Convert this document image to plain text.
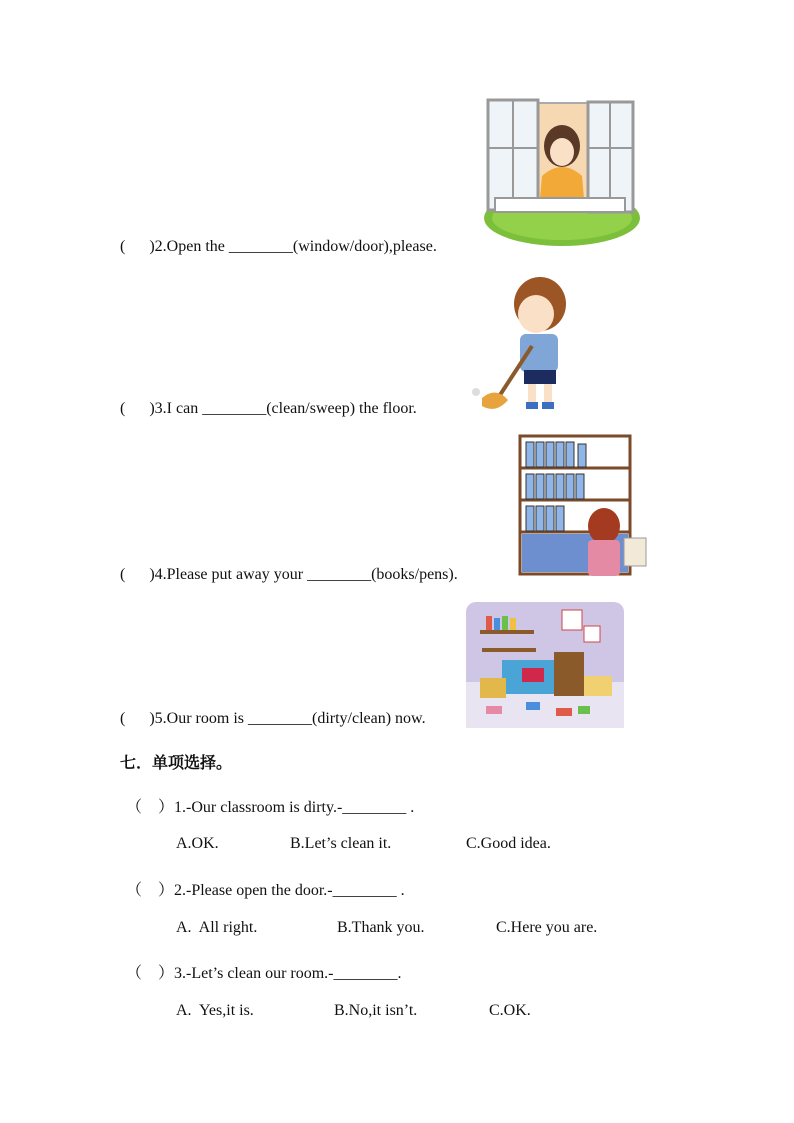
(      )2.Open the ________(window/door),please.
(      )3.I can ________(clean/sweep) the floor.
(      )4.Please put away your ________(books/pens).
(      )5.Our room is ________(dirty/clean) now.
七．单项选择。
（    ）1.-Our classroom is dirty.-________ .
A.OK.	B.Let’s clean it.	C.Good idea.
（    ）2.-Please open the door.-________ .
A.  All right.	B.Thank you.	C.Here you are.
（    ）3.-Let’s clean our room.-________.
A.  Yes,it is.	B.No,it isn’t.	C.OK.
